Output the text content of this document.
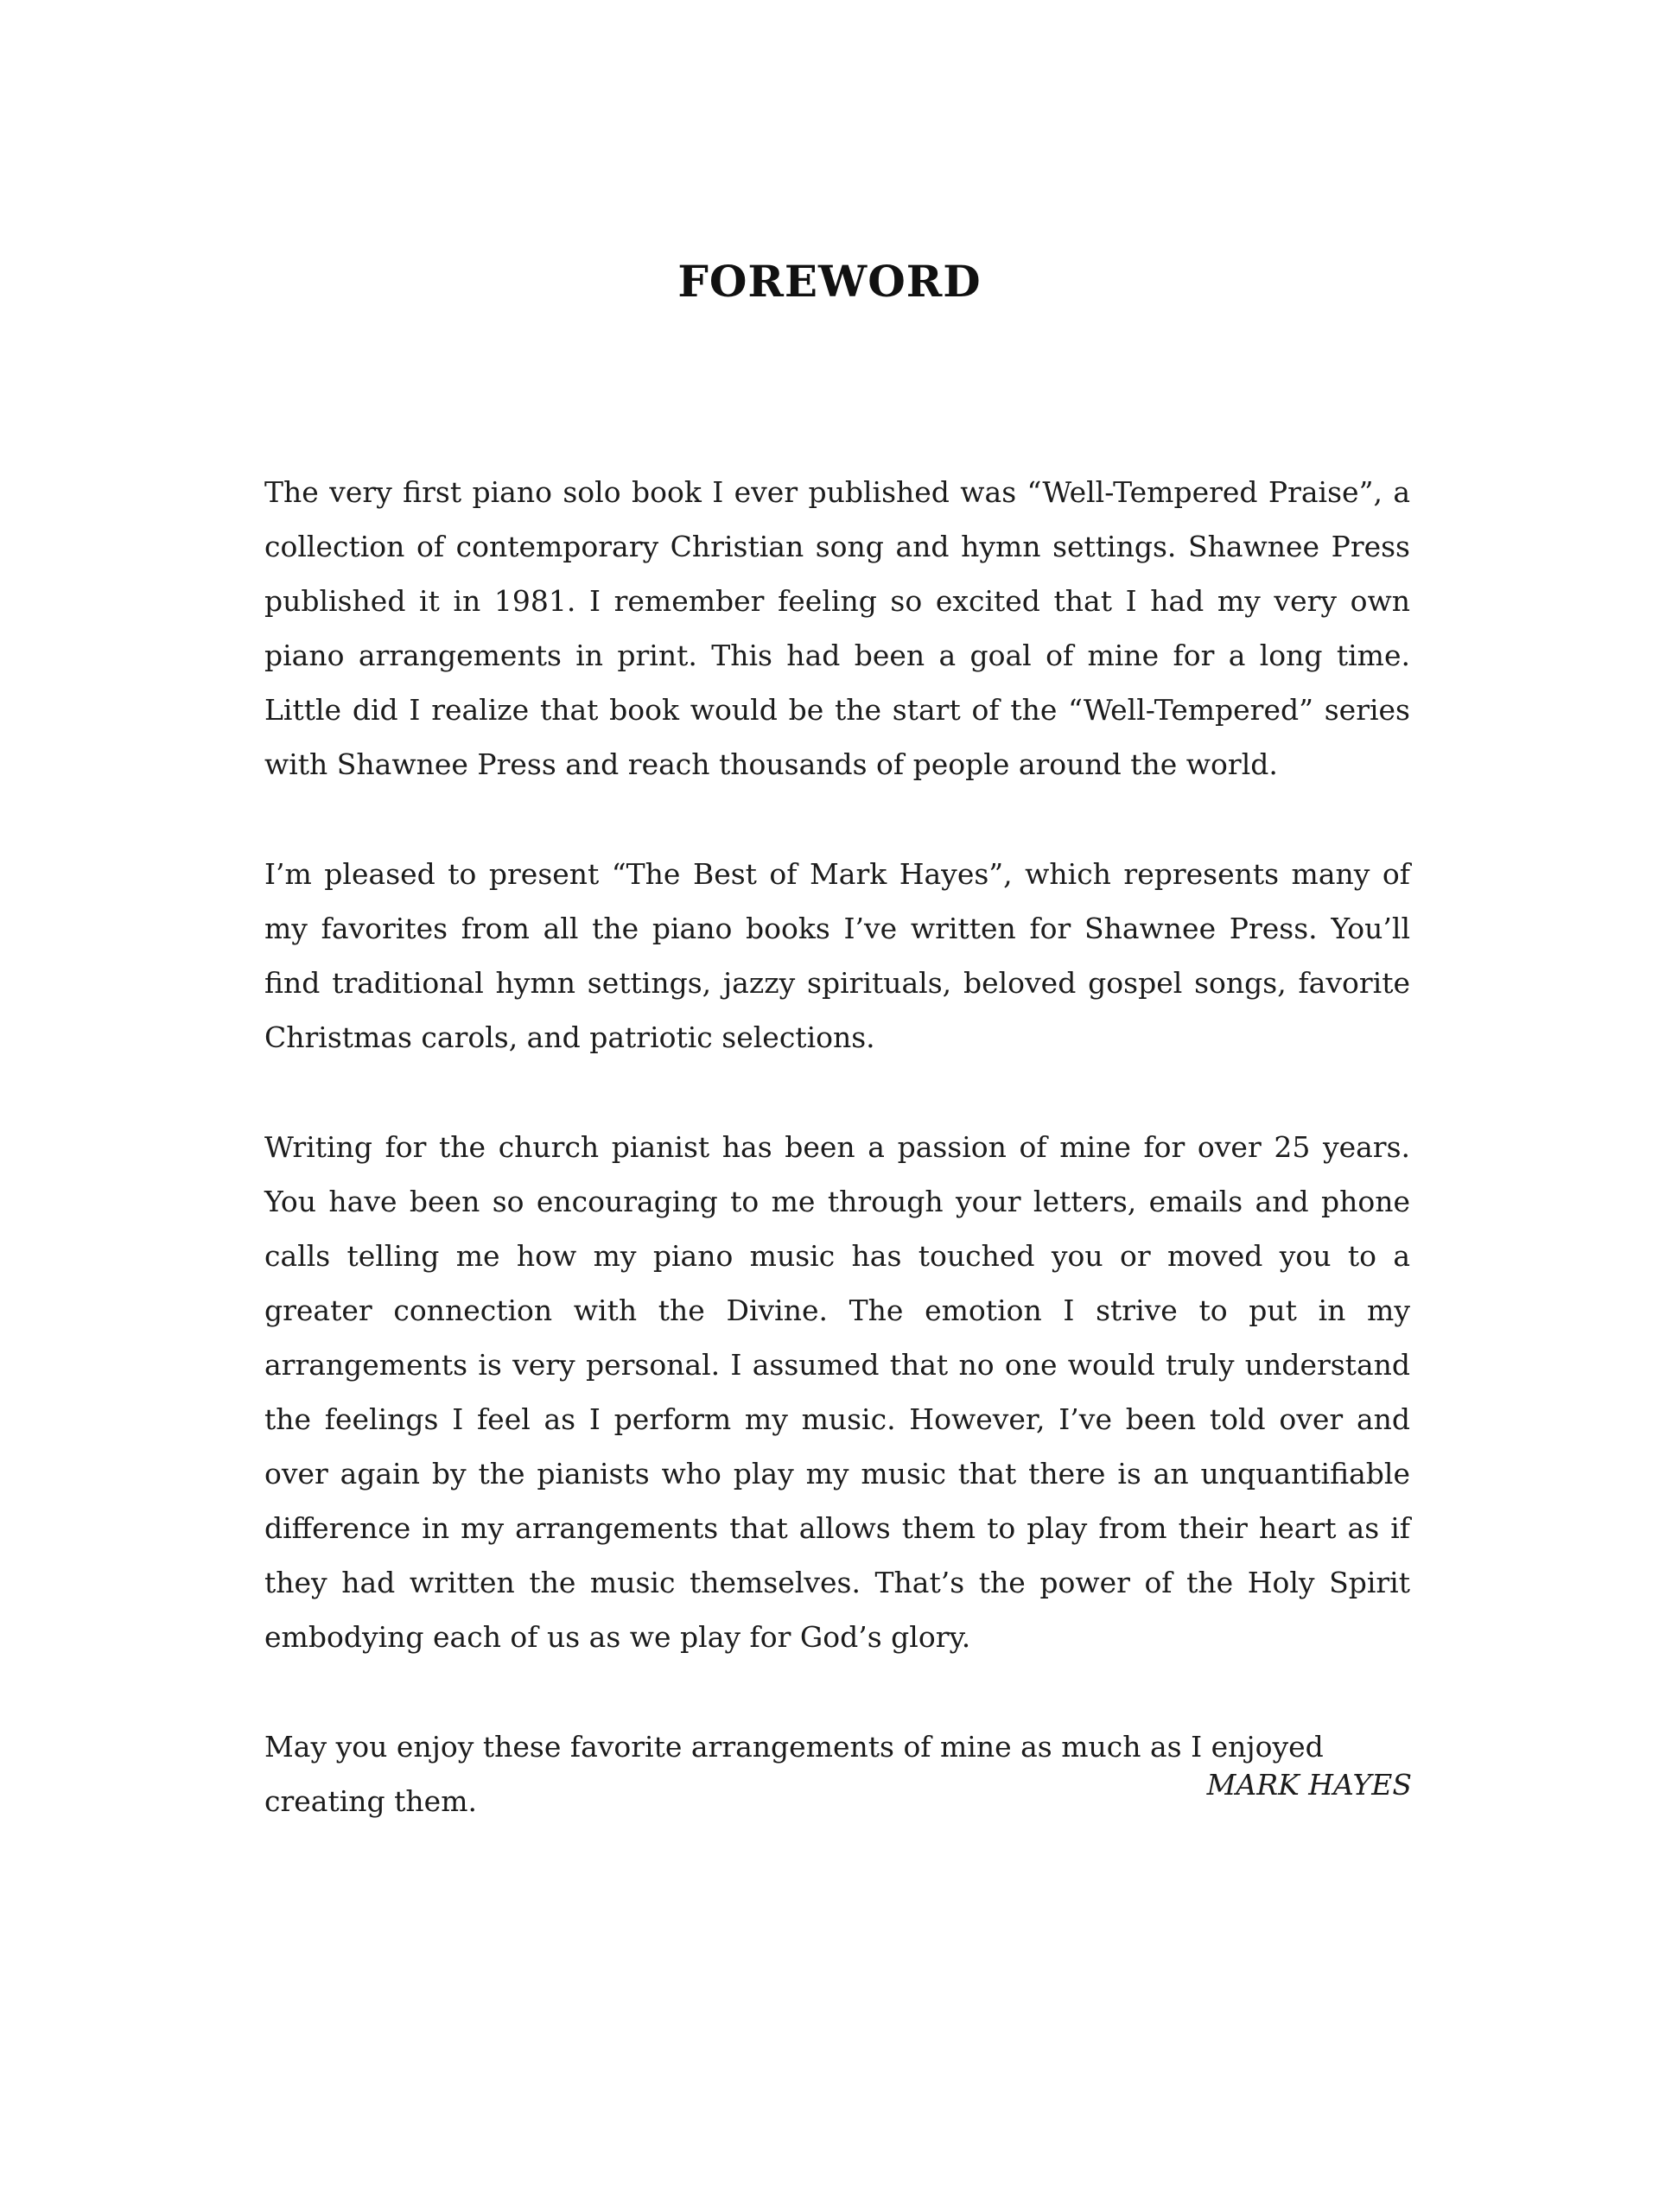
FOREWORD

The very first piano solo book I ever published was “Well-Tempered Praise”, a collection of contemporary Christian song and hymn settings. Shawnee Press published it in 1981. I remember feeling so excited that I had my very own piano arrangements in print. This had been a goal of mine for a long time. Little did I realize that book would be the start of the “Well-Tempered” series with Shawnee Press and reach thousands of people around the world.

I’m pleased to present “The Best of Mark Hayes”, which represents many of my favorites from all the piano books I’ve written for Shawnee Press. You’ll find traditional hymn settings, jazzy spirituals, beloved gospel songs, favorite Christmas carols, and patriotic selections.

Writing for the church pianist has been a passion of mine for over 25 years. You have been so encouraging to me through your letters, emails and phone calls telling me how my piano music has touched you or moved you to a greater connection with the Divine. The emotion I strive to put in my arrangements is very personal. I assumed that no one would truly understand the feelings I feel as I perform my music. However, I’ve been told over and over again by the pianists who play my music that there is an unquantifiable difference in my arrangements that allows them to play from their heart as if they had written the music themselves. That’s the power of the Holy Spirit embodying each of us as we play for God’s glory.

May you enjoy these favorite arrangements of mine as much as I enjoyed creating them.	MARK HAYES
